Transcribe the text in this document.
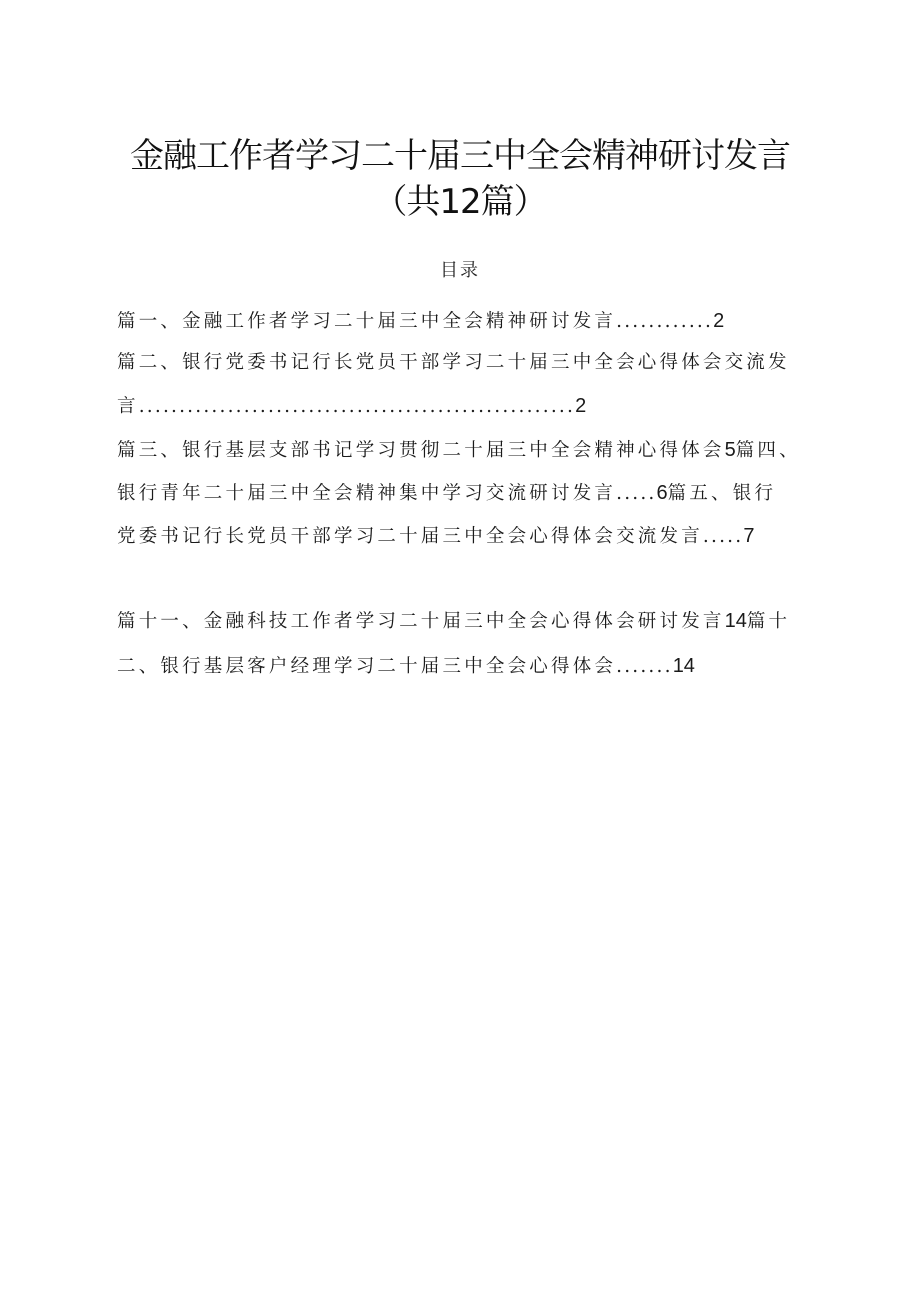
金融工作者学习二十届三中全会精神研讨发言
（共12篇）
目录
篇一、金融工作者学习二十届三中全会精神研讨发言............2
篇二、银行党委书记行长党员干部学习二十届三中全会心得体会交流发
言......................................................2
篇三、银行基层支部书记学习贯彻二十届三中全会精神心得体会5篇四、
银行青年二十届三中全会精神集中学习交流研讨发言.....6篇五、银行
党委书记行长党员干部学习二十届三中全会心得体会交流发言.....7
篇十一、金融科技工作者学习二十届三中全会心得体会研讨发言14篇十
二、银行基层客户经理学习二十届三中全会心得体会.......14
